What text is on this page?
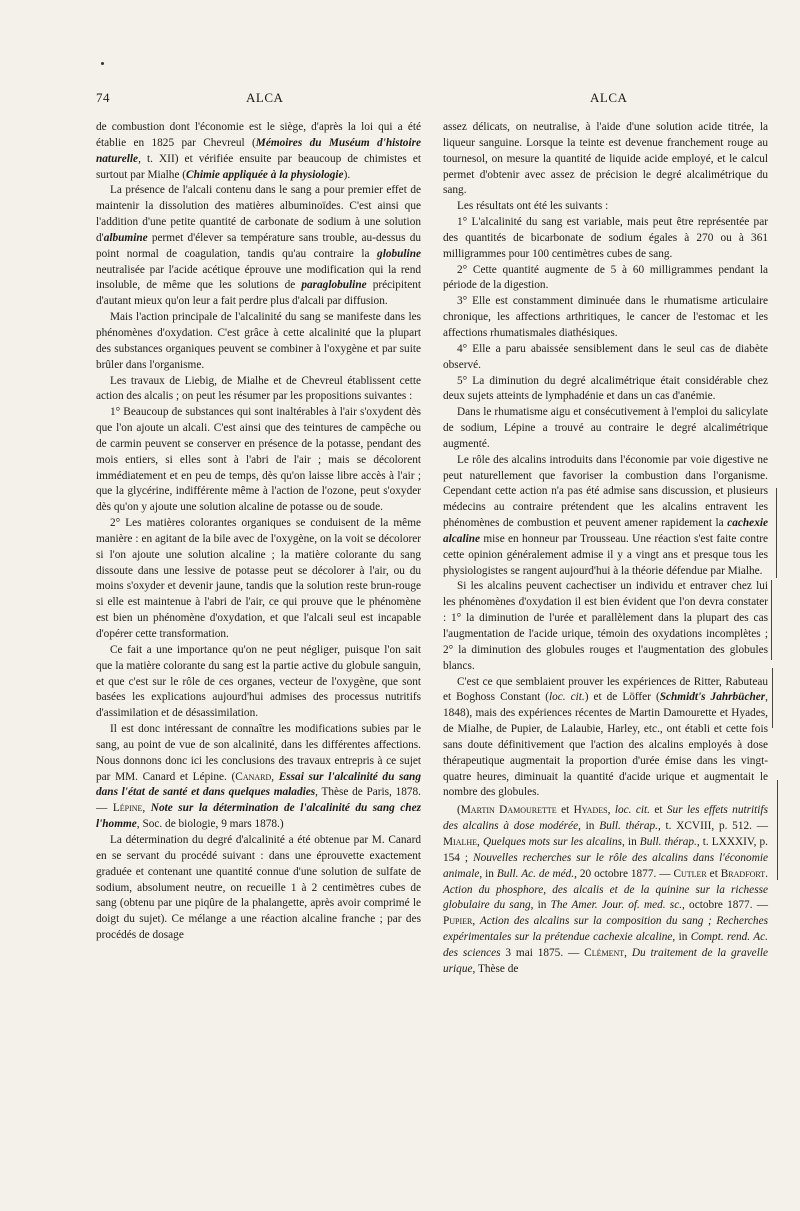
74	ALCA	ALCA

de combustion dont l'économie est le siège, d'après la loi qui a été établie en 1825 par Chevreul (Mémoires du Muséum d'histoire naturelle, t. XII) et vérifiée ensuite par beaucoup de chimistes et surtout par Mialhe (Chimie appliquée à la physiologie).

La présence de l'alcali contenu dans le sang a pour premier effet de maintenir la dissolution des matières albuminoïdes. C'est ainsi que l'addition d'une petite quantité de carbonate de sodium à une solution d'albumine permet d'élever sa température sans trouble, au-dessus du point normal de coagulation, tandis qu'au contraire la globuline neutralisée par l'acide acétique éprouve une modification qui la rend insoluble, de même que les solutions de paraglobuline précipitent d'autant mieux qu'on leur a fait perdre plus d'alcali par diffusion.

Mais l'action principale de l'alcalinité du sang se manifeste dans les phénomènes d'oxydation. C'est grâce à cette alcalinité que la plupart des substances organiques peuvent se combiner à l'oxygène et par suite brûler dans l'organisme.

Les travaux de Liebig, de Mialhe et de Chevreul établissent cette action des alcalis ; on peut les résumer par les propositions suivantes :

1° Beaucoup de substances qui sont inaltérables à l'air s'oxydent dès que l'on ajoute un alcali. C'est ainsi que des teintures de campêche ou de carmin peuvent se conserver en présence de la potasse, pendant des mois entiers, si elles sont à l'abri de l'air ; mais se décolorent immédiatement et en peu de temps, dès qu'on laisse libre accès à l'air ; que la glycérine, indifférente même à l'action de l'ozone, peut s'oxyder dès qu'on y ajoute une solution alcaline de potasse ou de soude.

2° Les matières colorantes organiques se conduisent de la même manière : en agitant de la bile avec de l'oxygène, on la voit se décolorer si l'on ajoute une solution alcaline ; la matière colorante du sang dissoute dans une lessive de potasse peut se décolorer à l'air, ou du moins s'oxyder et devenir jaune, tandis que la solution reste brun-rouge si elle est maintenue à l'abri de l'air, ce qui prouve que le phénomène est bien un phénomène d'oxydation, et que l'alcali seul est incapable d'opérer cette transformation.

Ce fait a une importance qu'on ne peut négliger, puisque l'on sait que la matière colorante du sang est la partie active du globule sanguin, et que c'est sur le rôle de ces organes, vecteur de l'oxygène, que sont basées les explications aujourd'hui admises des processus nutritifs d'assimilation et de désassimilation.

Il est donc intéressant de connaître les modifications subies par le sang, au point de vue de son alcalinité, dans les différentes affections. Nous donnons donc ici les conclusions des travaux entrepris à ce sujet par MM. Canard et Lépine. (Canard, Essai sur l'alcalinité du sang dans l'état de santé et dans quelques maladies, Thèse de Paris, 1878. — Lépine, Note sur la détermination de l'alcalinité du sang chez l'homme, Soc. de biologie, 9 mars 1878.)

La détermination du degré d'alcalinité a été obtenue par M. Canard en se servant du procédé suivant : dans une éprouvette exactement graduée et contenant une quantité connue d'une solution de sulfate de sodium, absolument neutre, on recueille 1 à 2 centimètres cubes de sang (obtenu par une piqûre de la phalangette, après avoir comprimé le doigt du sujet). Ce mélange a une réaction alcaline franche ; par des procédés de dosage

assez délicats, on neutralise, à l'aide d'une solution acide titrée, la liqueur sanguine. Lorsque la teinte est devenue franchement rouge au tournesol, on mesure la quantité de liquide acide employé, et le calcul permet d'obtenir avec assez de précision le degré alcalimétrique du sang.

Les résultats ont été les suivants :

1° L'alcalinité du sang est variable, mais peut être représentée par des quantités de bicarbonate de sodium égales à 270 ou à 361 milligrammes pour 100 centimètres cubes de sang.

2° Cette quantité augmente de 5 à 60 milligrammes pendant la période de la digestion.

3° Elle est constamment diminuée dans le rhumatisme articulaire chronique, les affections arthritiques, le cancer de l'estomac et les affections rhumatismales diathésiques.

4° Elle a paru abaissée sensiblement dans le seul cas de diabète observé.

5° La diminution du degré alcalimétrique était considérable chez deux sujets atteints de lymphadénie et dans un cas d'anémie.

Dans le rhumatisme aigu et consécutivement à l'emploi du salicylate de sodium, Lépine a trouvé au contraire le degré alcalimétrique augmenté.

Le rôle des alcalins introduits dans l'économie par voie digestive ne peut naturellement que favoriser la combustion dans l'organisme. Cependant cette action n'a pas été admise sans discussion, et plusieurs médecins au contraire prétendent que les alcalins entravent les phénomènes de combustion et peuvent amener rapidement la cachexie alcaline mise en honneur par Trousseau. Une réaction s'est faite contre cette opinion généralement admise il y a vingt ans et presque tous les physiologistes se rangent aujourd'hui à la théorie défendue par Mialhe.

Si les alcalins peuvent cachectiser un individu et entraver chez lui les phénomènes d'oxydation il est bien évident que l'on devra constater : 1° la diminution de l'urée et parallèlement dans la plupart des cas l'augmentation de l'acide urique, témoin des oxydations incomplètes ; 2° la diminution des globules rouges et l'augmentation des globules blancs.

C'est ce que semblaient prouver les expériences de Ritter, Rabuteau et Boghoss Constant (loc. cit.) et de Löffer (Schmidt's Jahrbücher, 1848), mais des expériences récentes de Martin Damourette et Hyades, de Mialhe, de Pupier, de Lalaubie, Harley, etc., ont établi et cette fois sans doute définitivement que l'action des alcalins employés à dose thérapeutique augmentait la proportion d'urée émise dans les vingt-quatre heures, diminuait la quantité d'acide urique et augmentait le nombre des globules.

(Martin Damourette et Hyades, loc. cit. et Sur les effets nutritifs des alcalins à dose modérée, in Bull. thérap., t. XCVIII, p. 512. — Mialhe, Quelques mots sur les alcalins, in Bull. thérap., t. LXXXIV, p. 154 ; Nouvelles recherches sur le rôle des alcalins dans l'économie animale, in Bull. Ac. de méd., 20 octobre 1877. — Cutler et Bradfort. Action du phosphore, des alcalis et de la quinine sur la richesse globulaire du sang, in The Amer. Jour. of. med. sc., octobre 1877. — Pupier, Action des alcalins sur la composition du sang ; Recherches expérimentales sur la prétendue cachexie alcaline, in Compt. rend. Ac. des sciences 3 mai 1875. — Clément, Du traitement de la gravelle urique, Thèse de
